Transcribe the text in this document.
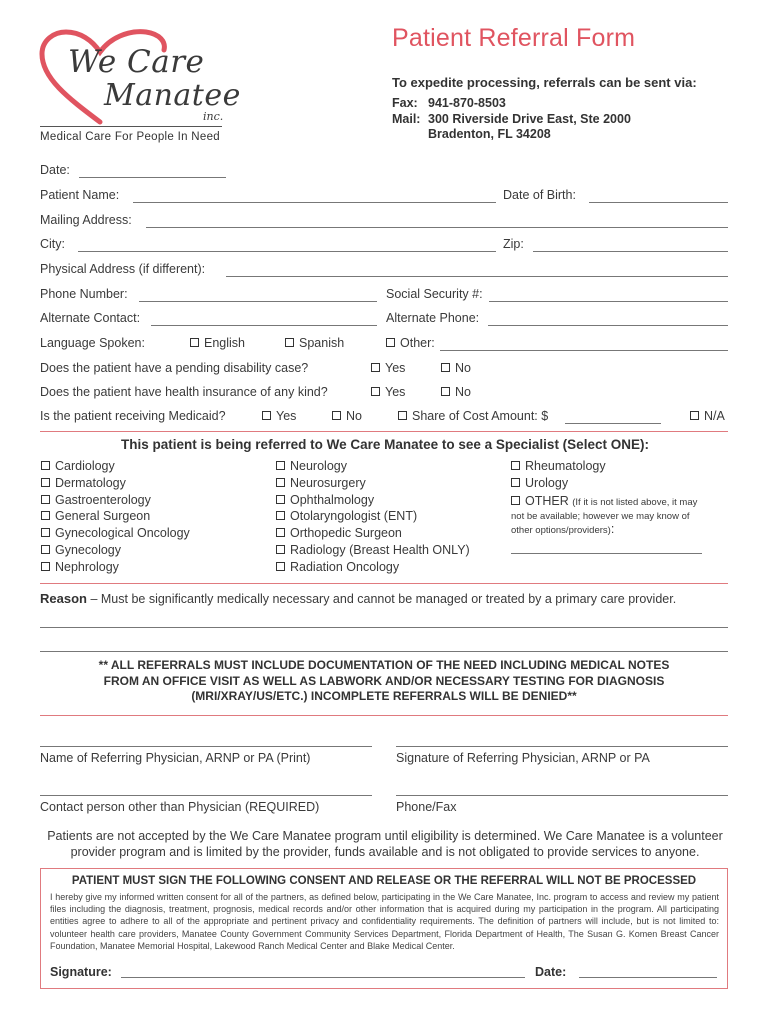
We Care
Manatee
inc.
Medical Care For People In Need
Patient Referral Form
To expedite processing, referrals can be sent via:
Fax: 941-870-8503
Mail: 300 Riverside Drive East, Ste 2000
Bradenton, FL 34208
Date:
Patient Name:	Date of Birth:
Mailing Address:
City:	Zip:
Physical Address (if different):
Phone Number:	Social Security #:
Alternate Contact:	Alternate Phone:
Language Spoken:	English	Spanish	Other:
Does the patient have a pending disability case?	Yes	No
Does the patient have health insurance of any kind?	Yes	No
Is the patient receiving Medicaid?	Yes	No	Share of Cost Amount: $	N/A
This patient is being referred to We Care Manatee to see a Specialist (Select ONE):
Cardiology
Dermatology
Gastroenterology
General Surgeon
Gynecological Oncology
Gynecology
Nephrology
Neurology
Neurosurgery
Ophthalmology
Otolaryngologist (ENT)
Orthopedic Surgeon
Radiology (Breast Health ONLY)
Radiation Oncology
Rheumatology
Urology
OTHER (If it is not listed above, it may
not be available; however we may know of
other options/providers):
Reason – Must be significantly medically necessary and cannot be managed or treated by a primary care provider.
** ALL REFERRALS MUST INCLUDE DOCUMENTATION OF THE NEED INCLUDING MEDICAL NOTES
FROM AN OFFICE VISIT AS WELL AS LABWORK AND/OR NECESSARY TESTING FOR DIAGNOSIS
(MRI/XRAY/US/ETC.) INCOMPLETE REFERRALS WILL BE DENIED**
Name of Referring Physician, ARNP or PA (Print)	Signature of Referring Physician, ARNP or PA
Contact person other than Physician (REQUIRED)	Phone/Fax
Patients are not accepted by the We Care Manatee program until eligibility is determined. We Care Manatee is a volunteer
provider program and is limited by the provider, funds available and is not obligated to provide services to anyone.
PATIENT MUST SIGN THE FOLLOWING CONSENT AND RELEASE OR THE REFERRAL WILL NOT BE PROCESSED
I hereby give my informed written consent for all of the partners, as defined below, participating in the We Care Manatee, Inc. program to access and review my patient files including the diagnosis, treatment, prognosis, medical records and/or other information that is acquired during my participation in the program. All participating entities agree to adhere to all of the appropriate and pertinent privacy and confidentiality requirements. The definition of partners will include, but is not limited to: volunteer health care providers, Manatee County Government Community Services Department, Florida Department of Health, The Susan G. Komen Breast Cancer Foundation, Manatee Memorial Hospital, Lakewood Ranch Medical Center and Blake Medical Center.
Signature:	Date:
